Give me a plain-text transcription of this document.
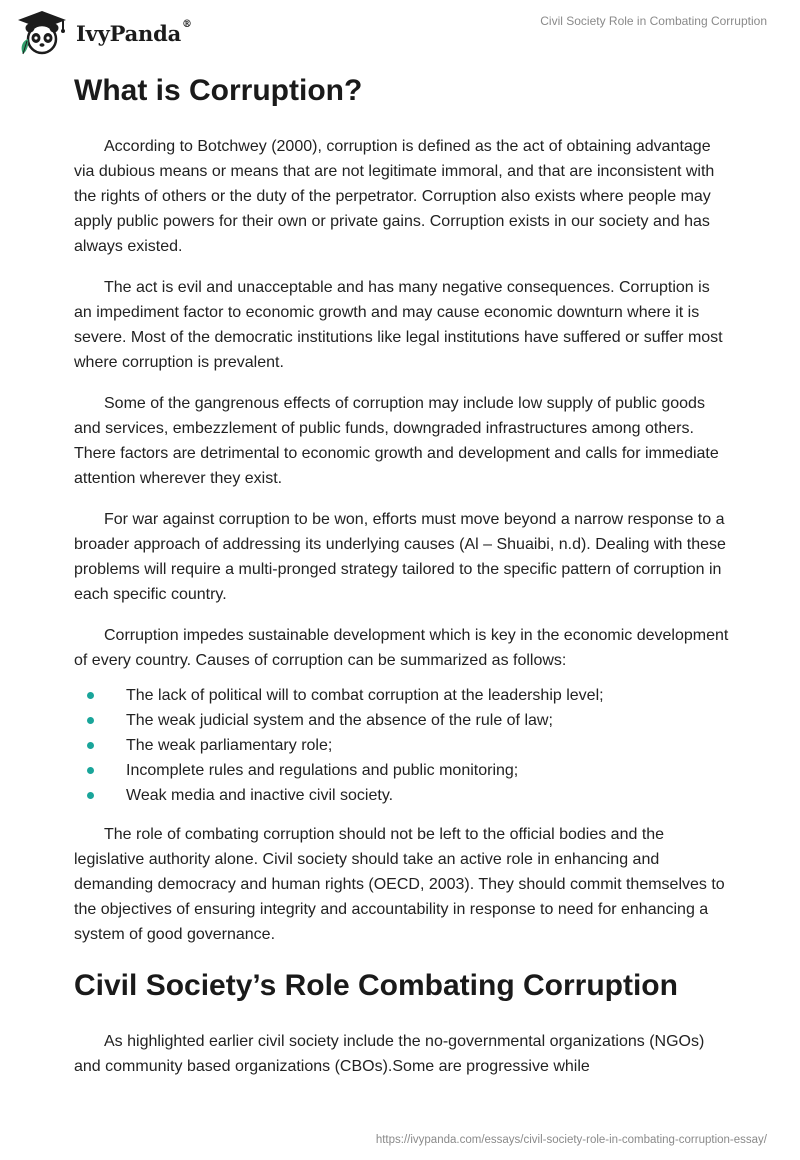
IvyPanda®	Civil Society Role in Combating Corruption
What is Corruption?

According to Botchwey (2000), corruption is defined as the act of obtaining advantage via dubious means or means that are not legitimate immoral, and that are inconsistent with the rights of others or the duty of the perpetrator. Corruption also exists where people may apply public powers for their own or private gains. Corruption exists in our society and has always existed.

The act is evil and unacceptable and has many negative consequences. Corruption is an impediment factor to economic growth and may cause economic downturn where it is severe. Most of the democratic institutions like legal institutions have suffered or suffer most where corruption is prevalent.

Some of the gangrenous effects of corruption may include low supply of public goods and services, embezzlement of public funds, downgraded infrastructures among others. There factors are detrimental to economic growth and development and calls for immediate attention wherever they exist.

For war against corruption to be won, efforts must move beyond a narrow response to a broader approach of addressing its underlying causes (Al – Shuaibi, n.d). Dealing with these problems will require a multi-pronged strategy tailored to the specific pattern of corruption in each specific country.

Corruption impedes sustainable development which is key in the economic development of every country. Causes of corruption can be summarized as follows:

The lack of political will to combat corruption at the leadership level;
The weak judicial system and the absence of the rule of law;
The weak parliamentary role;
Incomplete rules and regulations and public monitoring;
Weak media and inactive civil society.

The role of combating corruption should not be left to the official bodies and the legislative authority alone. Civil society should take an active role in enhancing and demanding democracy and human rights (OECD, 2003). They should commit themselves to the objectives of ensuring integrity and accountability in response to need for enhancing a system of good governance.

Civil Society’s Role Combating Corruption

As highlighted earlier civil society include the no-governmental organizations (NGOs) and community based organizations (CBOs).Some are progressive while

https://ivypanda.com/essays/civil-society-role-in-combating-corruption-essay/
